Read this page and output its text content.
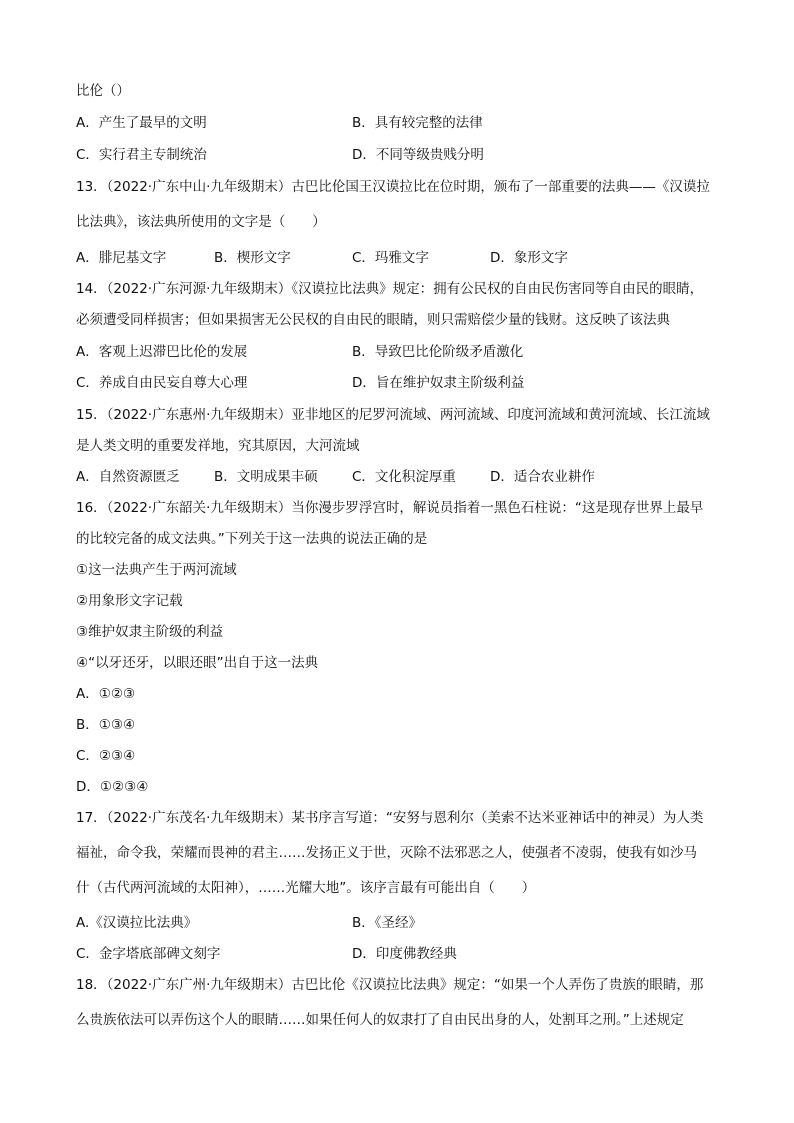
比伦（）
A．产生了最早的文明	B．具有较完整的法律
C．实行君主专制统治	D．不同等级贵贱分明
13．（2022·广东中山·九年级期末）古巴比伦国王汉谟拉比在位时期，颁布了一部重要的法典——《汉谟拉
比法典》，该法典所使用的文字是（　　）
A．腓尼基文字	B．楔形文字	C．玛雅文字	D．象形文字
14．（2022·广东河源·九年级期末）《汉谟拉比法典》规定：拥有公民权的自由民伤害同等自由民的眼睛，
必须遭受同样损害；但如果损害无公民权的自由民的眼睛，则只需赔偿少量的钱财。这反映了该法典
A．客观上迟滞巴比伦的发展	B．导致巴比伦阶级矛盾激化
C．养成自由民妄自尊大心理	D．旨在维护奴隶主阶级利益
15．（2022·广东惠州·九年级期末）亚非地区的尼罗河流域、两河流域、印度河流域和黄河流域、长江流域
是人类文明的重要发祥地，究其原因，大河流域
A．自然资源匮乏	B．文明成果丰硕	C．文化积淀厚重	D．适合农业耕作
16．（2022·广东韶关·九年级期末）当你漫步罗浮宫时，解说员指着一黑色石柱说：“这是现存世界上最早
的比较完备的成文法典。”下列关于这一法典的说法正确的是
①这一法典产生于两河流域
②用象形文字记载
③维护奴隶主阶级的利益
④“以牙还牙，以眼还眼”出自于这一法典
A．①②③
B．①③④
C．②③④
D．①②③④
17．（2022·广东茂名·九年级期末）某书序言写道：“安努与恩利尔（美索不达米亚神话中的神灵）为人类
福祉，命令我，荣耀而畏神的君主……发扬正义于世，灭除不法邪恶之人，使强者不凌弱，使我有如沙马
什（古代两河流域的太阳神），……光耀大地”。该序言最有可能出自（　　）
A.《汉谟拉比法典》	B．《圣经》
C．金字塔底部碑文刻字	D．印度佛教经典
18．（2022·广东广州·九年级期末）古巴比伦《汉谟拉比法典》规定：“如果一个人弄伤了贵族的眼睛，那
么贵族依法可以弄伤这个人的眼睛……如果任何人的奴隶打了自由民出身的人，处割耳之刑。”上述规定
